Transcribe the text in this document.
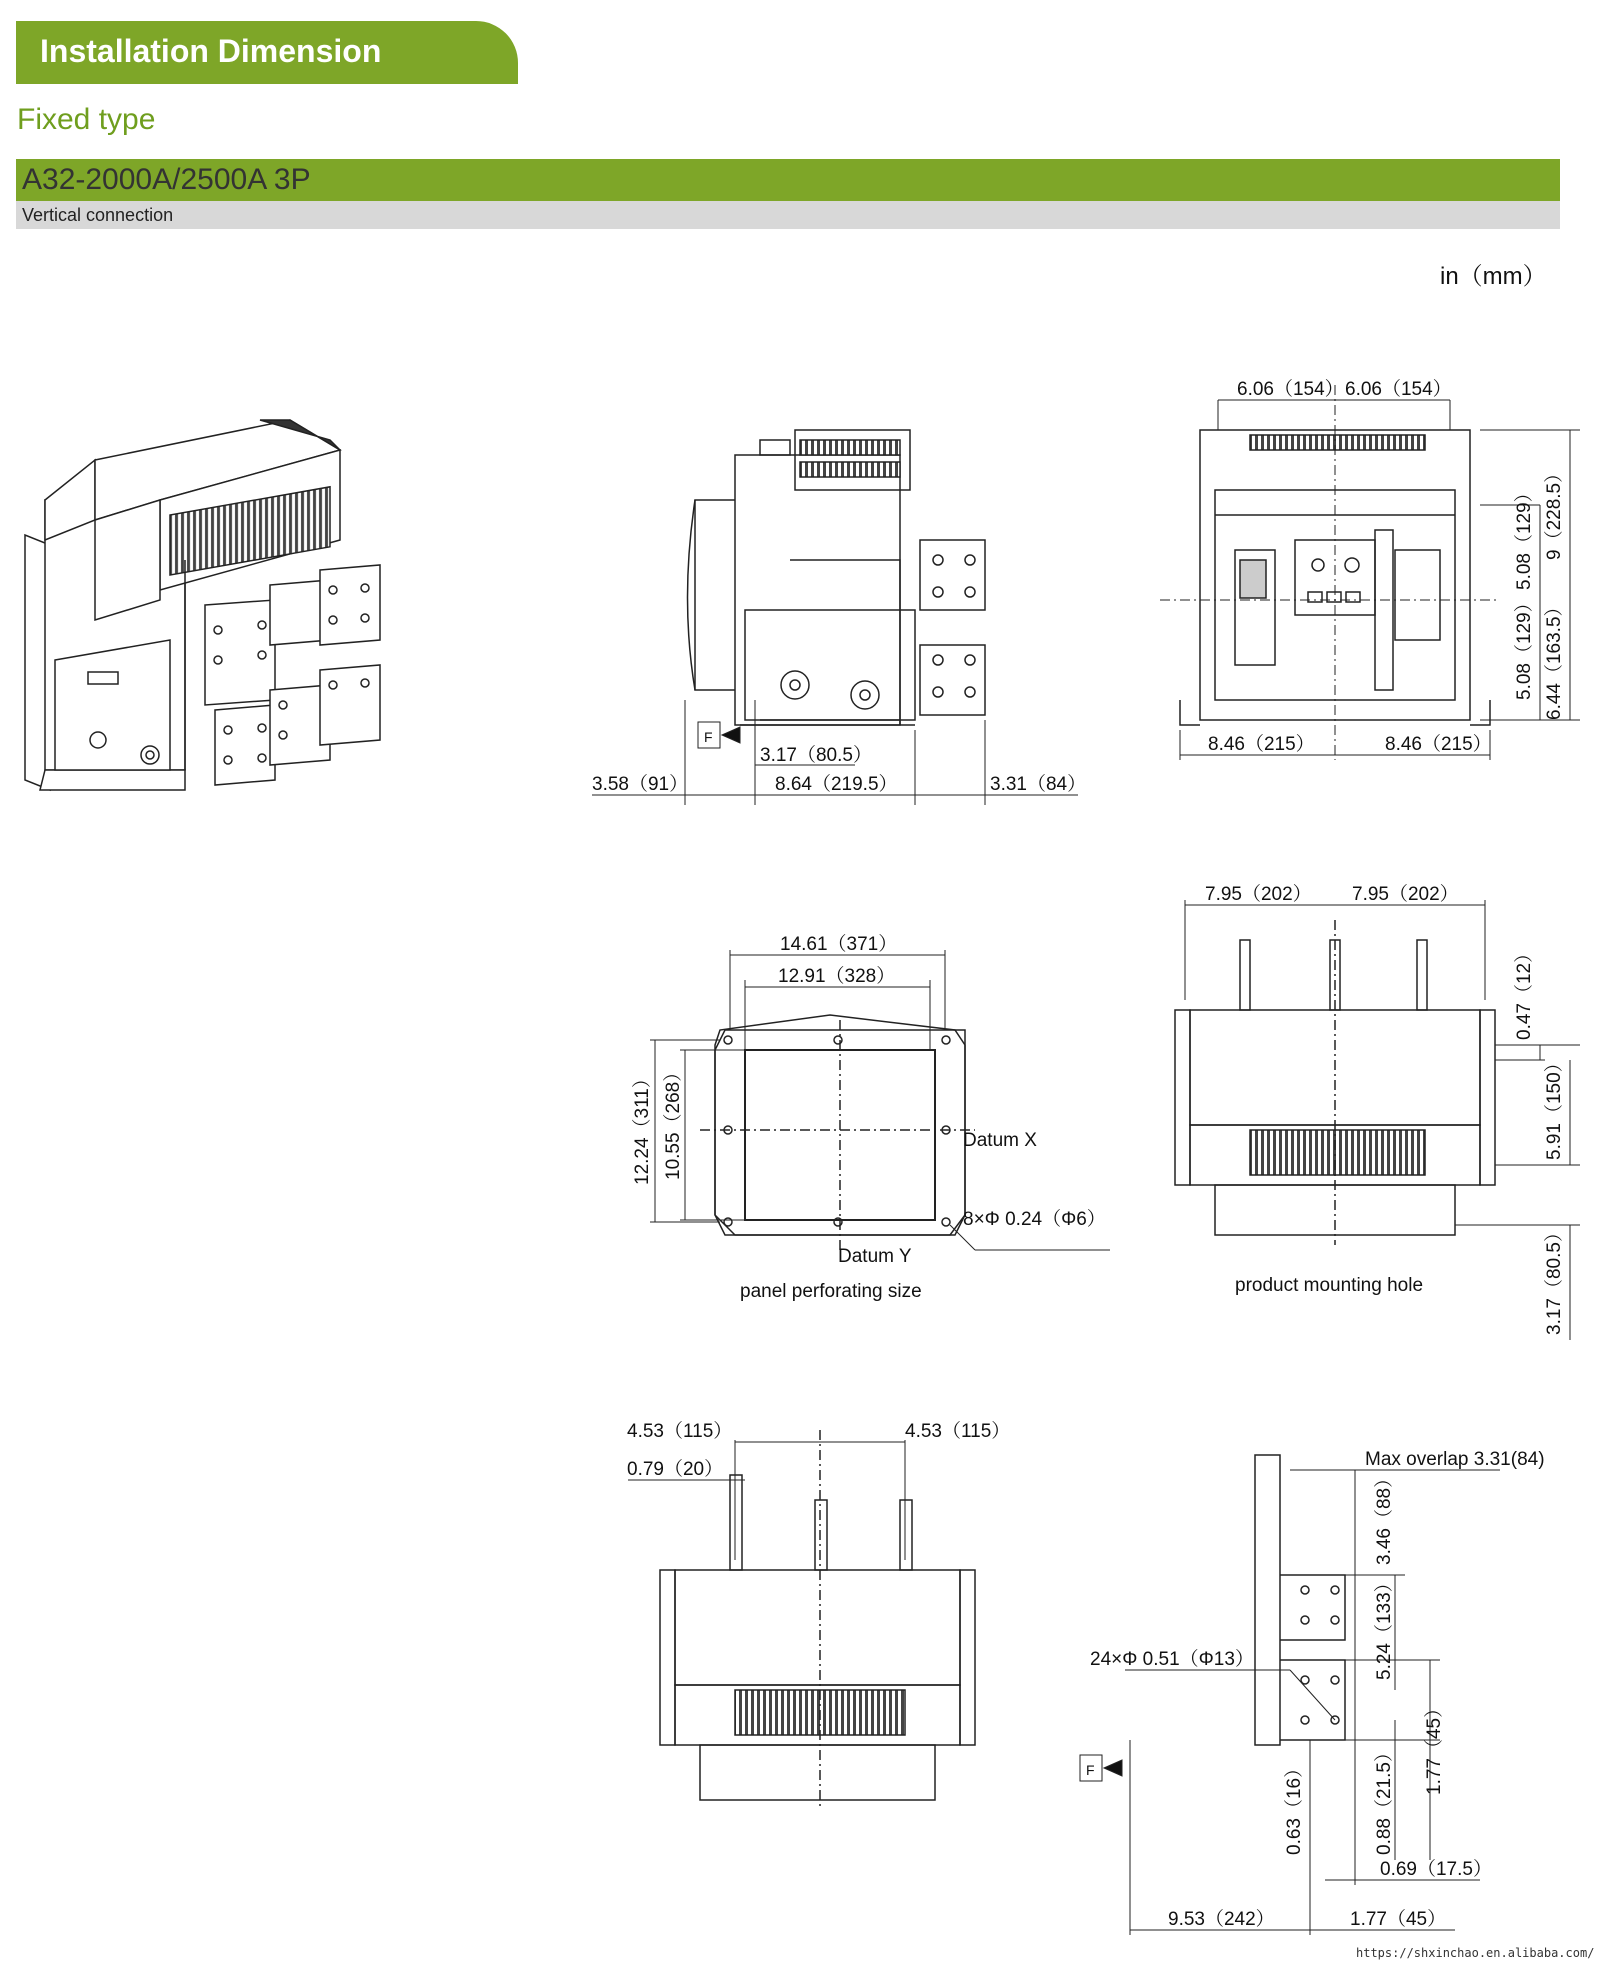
Installation Dimension
Fixed type
A32-2000A/2500A 3P
Vertical connection
in（mm）
3.17（80.5）
3.58（91）	8.64（219.5）	3.31（84）
F
6.06（154） 6.06（154）
8.46（215）	8.46（215）
5.08（129）
5.08（129）
9（228.5）
6.44（163.5）
14.61（371）
12.91（328）
12.24（311） 10.55（268）	Datum X
Datum Y
8×Φ 0.24（Φ6）
panel perforating size
7.95（202） 7.95（202）
0.47（12）
5.91（150）
3.17（80.5）
product mounting hole
4.53（115）	4.53（115）
0.79（20）	Max overlap 3.31(84)
24×Φ 0.51（Φ13）
3.46（88）
5.24（133）
1.77（45）
0.88（21.5）
0.63（16）
0.69（17.5）
9.53（242）	1.77（45）
F
https://shxinchao.en.alibaba.com/
